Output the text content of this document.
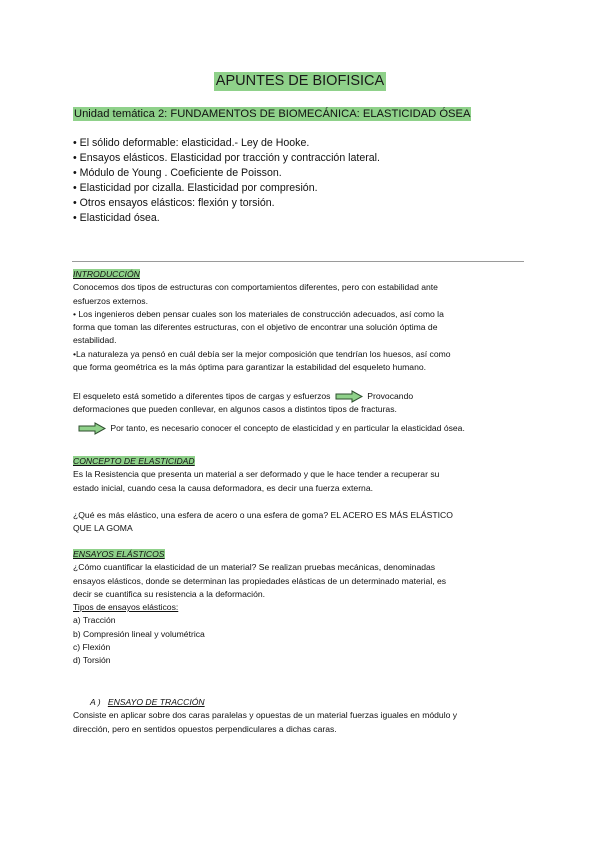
APUNTES DE BIOFISICA
Unidad temática 2: FUNDAMENTOS DE BIOMECÁNICA: ELASTICIDAD ÓSEA
• El sólido deformable: elasticidad.- Ley de Hooke.
• Ensayos elásticos. Elasticidad por tracción y contracción lateral.
• Módulo de Young . Coeficiente de Poisson.
• Elasticidad por cizalla. Elasticidad por compresión.
• Otros ensayos elásticos: flexión y torsión.
• Elasticidad ósea.
INTRODUCCIÓN

Conocemos dos tipos de estructuras con comportamientos diferentes, pero con estabilidad ante

esfuerzos externos.

• Los ingenieros deben pensar cuales son los materiales de construcción adecuados, así como la

forma que toman las diferentes estructuras, con el objetivo de encontrar una solución óptima de

estabilidad.

•La naturaleza ya pensó en cuál debía ser la mejor composición que tendrían los huesos, así como

que forma geométrica es la más óptima para garantizar la estabilidad del esqueleto humano.

El esqueleto está sometido a diferentes tipos de cargas y esfuerzos	Provocando

deformaciones que pueden conllevar, en algunos casos a distintos tipos de fracturas.

Por tanto, es necesario conocer el concepto de elasticidad y en particular la elasticidad ósea.

CONCEPTO DE ELASTICIDAD

Es la Resistencia que presenta un material a ser deformado y que le hace tender a recuperar su

estado inicial, cuando cesa la causa deformadora, es decir una fuerza externa.

¿Qué es más elástico, una esfera de acero o una esfera de goma? EL ACERO ES MÁS ELÁSTICO

QUE LA GOMA

ENSAYOS ELÁSTICOS

¿Cómo cuantificar la elasticidad de un material? Se realizan pruebas mecánicas, denominadas

ensayos elásticos, donde se determinan las propiedades elásticas de un determinado material, es

decir se cuantifica su resistencia a la deformación.

Tipos de ensayos elásticos:

a) Tracción

b) Compresión lineal y volumétrica

c) Flexión

d) Torsión

A ) ENSAYO DE TRACCIÓN

Consiste en aplicar sobre dos caras paralelas y opuestas de un material fuerzas iguales en módulo y

dirección, pero en sentidos opuestos perpendiculares a dichas caras.
